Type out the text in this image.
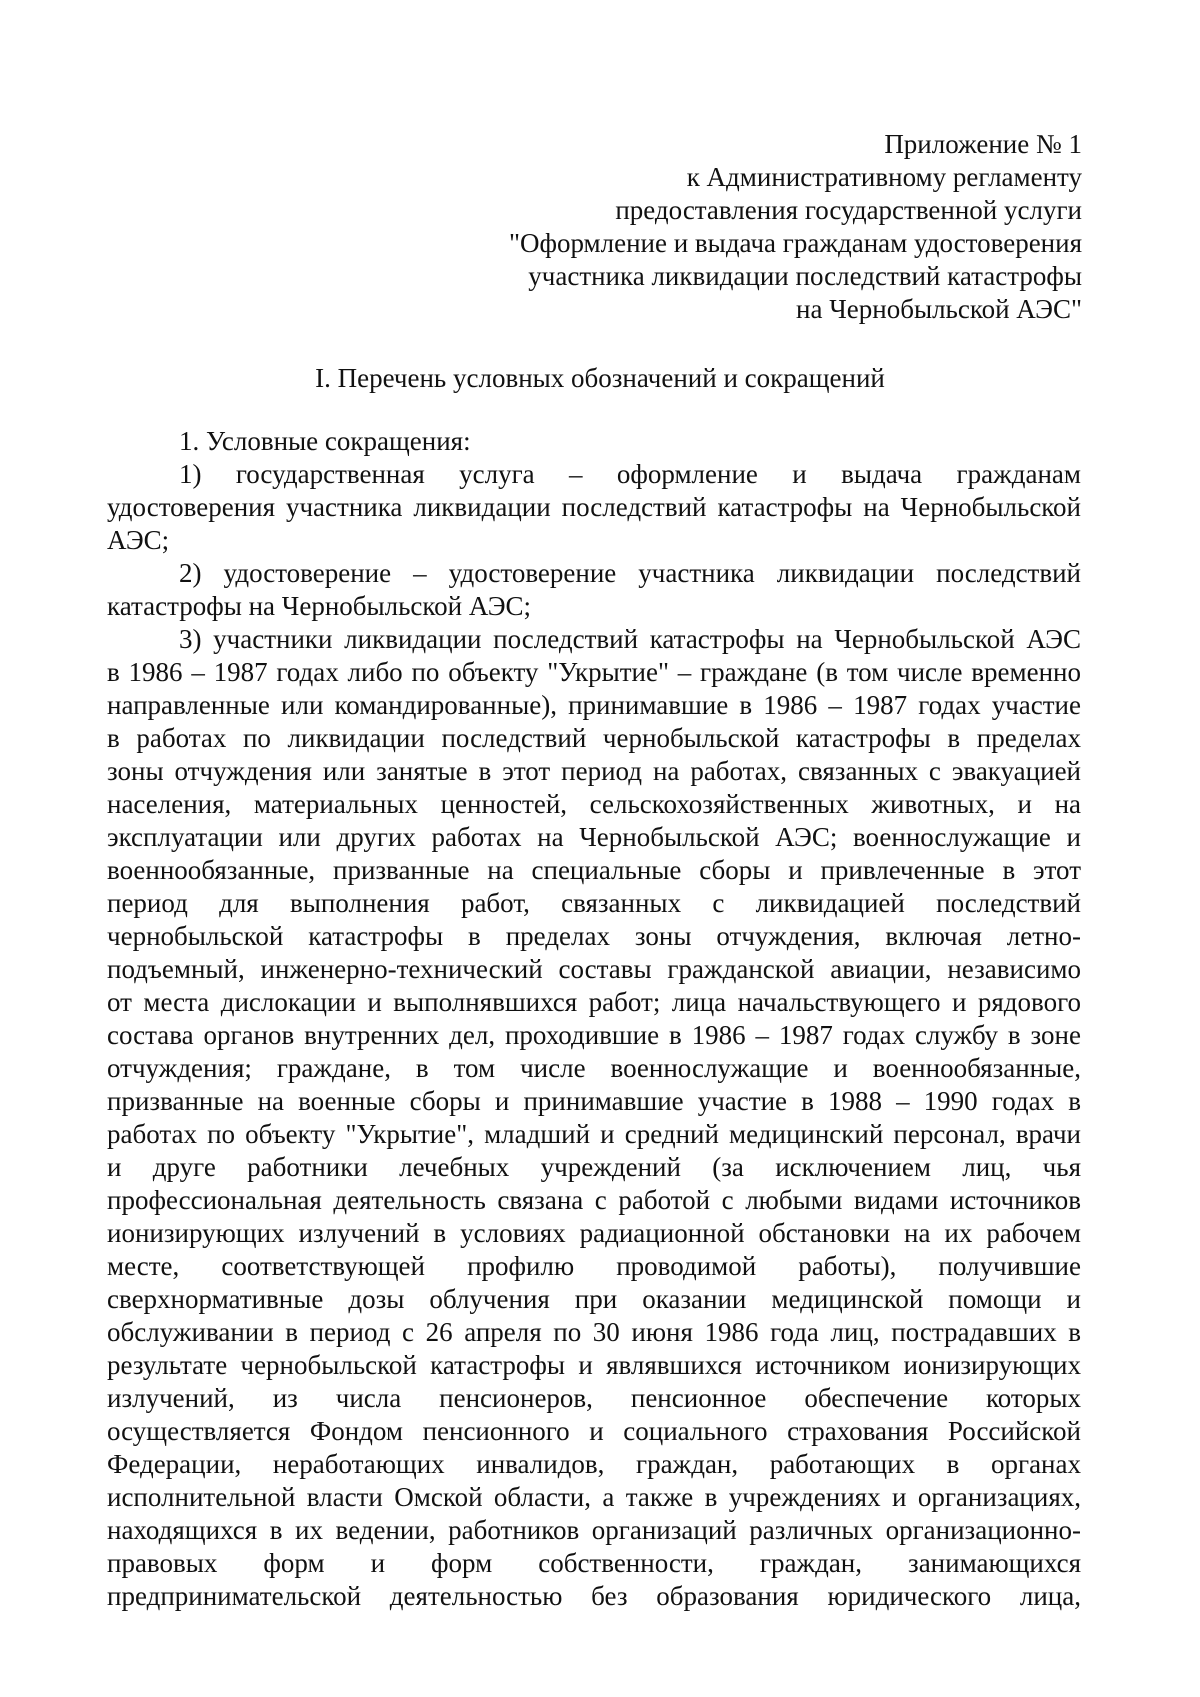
Приложение № 1
к Административному регламенту
предоставления государственной услуги
"Оформление и выдача гражданам удостоверения
участника ликвидации последствий катастрофы
на Чернобыльской АЭС"
I. Перечень условных обозначений и сокращений
1. Условные сокращения:
1) государственная услуга – оформление и выдача гражданам
удостоверения участника ликвидации последствий катастрофы на Чернобыльской
АЭС;
2) удостоверение – удостоверение участника ликвидации последствий
катастрофы на Чернобыльской АЭС;
3) участники ликвидации последствий катастрофы на Чернобыльской АЭС
в 1986 – 1987 годах либо по объекту "Укрытие" – граждане (в том числе временно
направленные или командированные), принимавшие в 1986 – 1987 годах участие
в работах по ликвидации последствий чернобыльской катастрофы в пределах
зоны отчуждения или занятые в этот период на работах, связанных с эвакуацией
населения, материальных ценностей, сельскохозяйственных животных, и на
эксплуатации или других работах на Чернобыльской АЭС; военнослужащие и
военнообязанные, призванные на специальные сборы и привлеченные в этот
период для выполнения работ, связанных с ликвидацией последствий
чернобыльской катастрофы в пределах зоны отчуждения, включая летно-
подъемный, инженерно-технический составы гражданской авиации, независимо
от места дислокации и выполнявшихся работ; лица начальствующего и рядового
состава органов внутренних дел, проходившие в 1986 – 1987 годах службу в зоне
отчуждения; граждане, в том числе военнослужащие и военнообязанные,
призванные на военные сборы и принимавшие участие в 1988 – 1990 годах в
работах по объекту "Укрытие", младший и средний медицинский персонал, врачи
и друге работники лечебных учреждений (за исключением лиц, чья
профессиональная деятельность связана с работой с любыми видами источников
ионизирующих излучений в условиях радиационной обстановки на их рабочем
месте, соответствующей профилю проводимой работы), получившие
сверхнормативные дозы облучения при оказании медицинской помощи и
обслуживании в период с 26 апреля по 30 июня 1986 года лиц, пострадавших в
результате чернобыльской катастрофы и являвшихся источником ионизирующих
излучений, из числа пенсионеров, пенсионное обеспечение которых
осуществляется Фондом пенсионного и социального страхования Российской
Федерации, неработающих инвалидов, граждан, работающих в органах
исполнительной власти Омской области, а также в учреждениях и организациях,
находящихся в их ведении, работников организаций различных организационно-
правовых форм и форм собственности, граждан, занимающихся
предпринимательской деятельностью без образования юридического лица,
